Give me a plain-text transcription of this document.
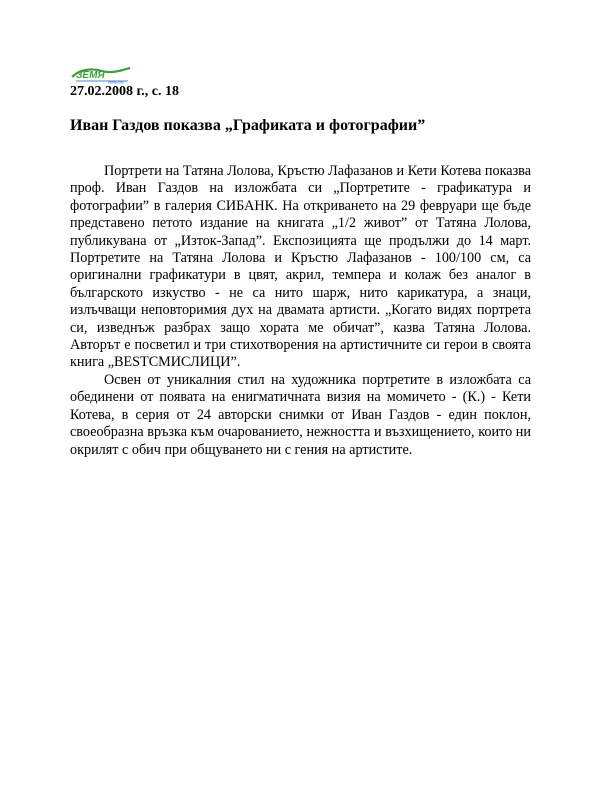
ЗЕМЯ
zemia.com
27.02.2008 г., с. 18
Иван Газдов показва „Графиката и фотографии”

Портрети на Татяна Лолова, Кръстю Лафазанов и Кети Котева показва проф. Иван Газдов на изложбата си „Портретите - графикатура и фотографии” в галерия СИБАНК. На откриването на 29 февруари ще бъде представено петото издание на книгата „1/2 живот” от Татяна Лолова, публикувана от „Изток-Запад”. Експозицията ще продължи до 14 март. Портретите на Татяна Лолова и Кръстю Лафазанов - 100/100 см, са оригинални графикатури в цвят, акрил, темпера и колаж без аналог в българското изкуство - не са нито шарж, нито карикатура, а знаци, излъчващи неповторимия дух на двамата артисти. „Когато видях портрета си, изведнъж разбрах защо хората ме обичат”, казва Татяна Лолова. Авторът е посветил и три стихотворения на артистичните си герои в своята книга „BESTСМИСЛИЦИ”.

Освен от уникалния стил на художника портретите в изложбата са обединени от появата на енигматичната визия на момичето - (К.) - Кети Котева, в серия от 24 авторски снимки от Иван Газдов - един поклон, своеобразна връзка към очарованието, нежността и възхищението, които ни окрилят с обич при общуването ни с гения на артистите.
